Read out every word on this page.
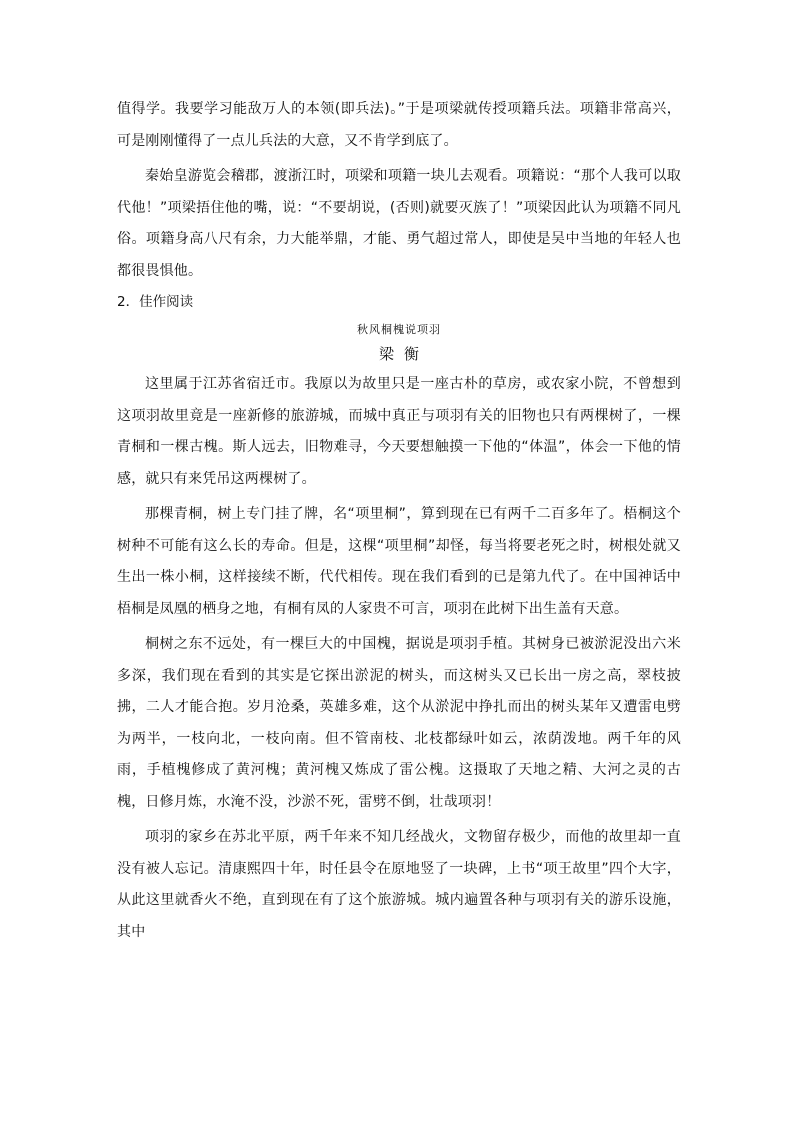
值得学。我要学习能敌万人的本领(即兵法)。”于是项梁就传授项籍兵法。项籍非常高兴，可是刚刚懂得了一点儿兵法的大意，又不肯学到底了。

秦始皇游览会稽郡，渡浙江时，项梁和项籍一块儿去观看。项籍说：“那个人我可以取代他！”项梁捂住他的嘴，说：“不要胡说，(否则)就要灭族了！”项梁因此认为项籍不同凡俗。项籍身高八尺有余，力大能举鼎，才能、勇气超过常人，即使是吴中当地的年轻人也都很畏惧他。

2．佳作阅读

秋风桐槐说项羽

梁衡

这里属于江苏省宿迁市。我原以为故里只是一座古朴的草房，或农家小院，不曾想到这项羽故里竟是一座新修的旅游城，而城中真正与项羽有关的旧物也只有两棵树了，一棵青桐和一棵古槐。斯人远去，旧物难寻，今天要想触摸一下他的“体温”，体会一下他的情感，就只有来凭吊这两棵树了。

那棵青桐，树上专门挂了牌，名“项里桐”，算到现在已有两千二百多年了。梧桐这个树种不可能有这么长的寿命。但是，这棵“项里桐”却怪，每当将要老死之时，树根处就又生出一株小桐，这样接续不断，代代相传。现在我们看到的已是第九代了。在中国神话中梧桐是凤凰的栖身之地，有桐有凤的人家贵不可言，项羽在此树下出生盖有天意。

桐树之东不远处，有一棵巨大的中国槐，据说是项羽手植。其树身已被淤泥没出六米多深，我们现在看到的其实是它探出淤泥的树头，而这树头又已长出一房之高，翠枝披拂，二人才能合抱。岁月沧桑，英雄多难，这个从淤泥中挣扎而出的树头某年又遭雷电劈为两半，一枝向北，一枝向南。但不管南枝、北枝都绿叶如云，浓荫泼地。两千年的风雨，手植槐修成了黄河槐；黄河槐又炼成了雷公槐。这摄取了天地之精、大河之灵的古槐，日修月炼，水淹不没，沙淤不死，雷劈不倒，壮哉项羽！

项羽的家乡在苏北平原，两千年来不知几经战火，文物留存极少，而他的故里却一直没有被人忘记。清康熙四十年，时任县令在原地竖了一块碑，上书“项王故里”四个大字，从此这里就香火不绝，直到现在有了这个旅游城。城内遍置各种与项羽有关的游乐设施，其中
